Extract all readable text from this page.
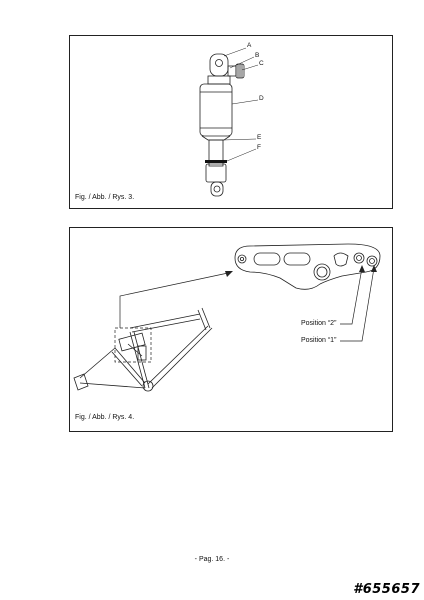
A
B
C
D
E
F
Fig. / Abb. / Rys. 3.
Position “2”
Position “1”
Fig. / Abb. / Rys. 4.
- Pag. 16. -
#655657
